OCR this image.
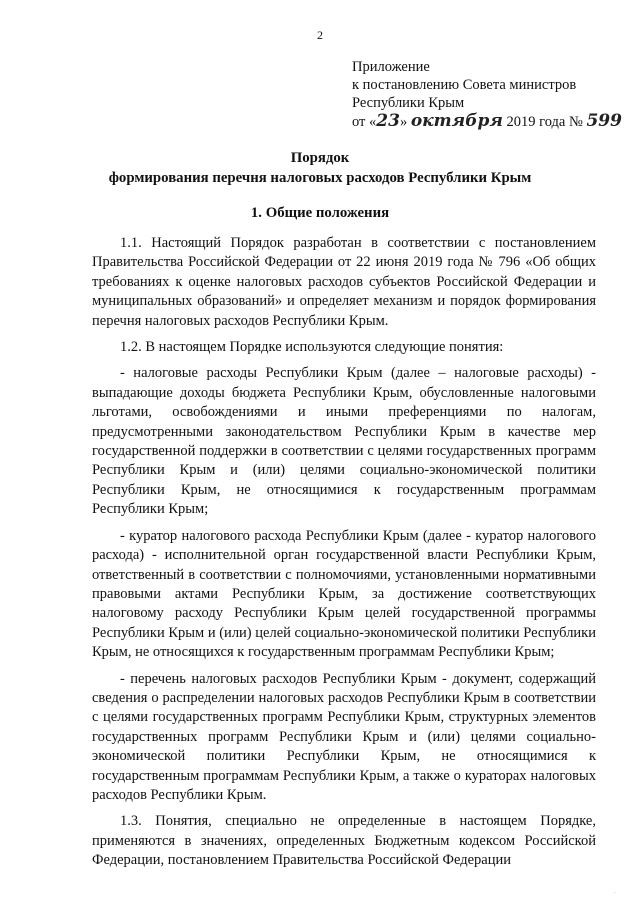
2
Приложение
к постановлению Совета министров
Республики Крым
от «23» октября 2019 года № 599
Порядок
формирования перечня налоговых расходов Республики Крым
1. Общие положения

1.1. Настоящий Порядок разработан в соответствии с постановлением Правительства Российской Федерации от 22 июня 2019 года № 796 «Об общих требованиях к оценке налоговых расходов субъектов Российской Федерации и муниципальных образований» и определяет механизм и порядок формирования перечня налоговых расходов Республики Крым.

1.2. В настоящем Порядке используются следующие понятия:

- налоговые расходы Республики Крым (далее – налоговые расходы) - выпадающие доходы бюджета Республики Крым, обусловленные налоговыми льготами, освобождениями и иными преференциями по налогам, предусмотренными законодательством Республики Крым в качестве мер государственной поддержки в соответствии с целями государственных программ Республики Крым и (или) целями социально-экономической политики Республики Крым, не относящимися к государственным программам Республики Крым;

- куратор налогового расхода Республики Крым (далее - куратор налогового расхода) - исполнительной орган государственной власти Республики Крым, ответственный в соответствии с полномочиями, установленными нормативными правовыми актами Республики Крым, за достижение соответствующих налоговому расходу Республики Крым целей государственной программы Республики Крым и (или) целей социально-экономической политики Республики Крым, не относящихся к государственным программам Республики Крым;

- перечень налоговых расходов Республики Крым - документ, содержащий сведения о распределении налоговых расходов Республики Крым в соответствии с целями государственных программ Республики Крым, структурных элементов государственных программ Республики Крым и (или) целями социально-экономической политики Республики Крым, не относящимися к государственным программам Республики Крым, а также о кураторах налоговых расходов Республики Крым.

1.3. Понятия, специально не определенные в настоящем Порядке, применяются в значениях, определенных Бюджетным кодексом Российской Федерации, постановлением Правительства Российской Федерации

·
